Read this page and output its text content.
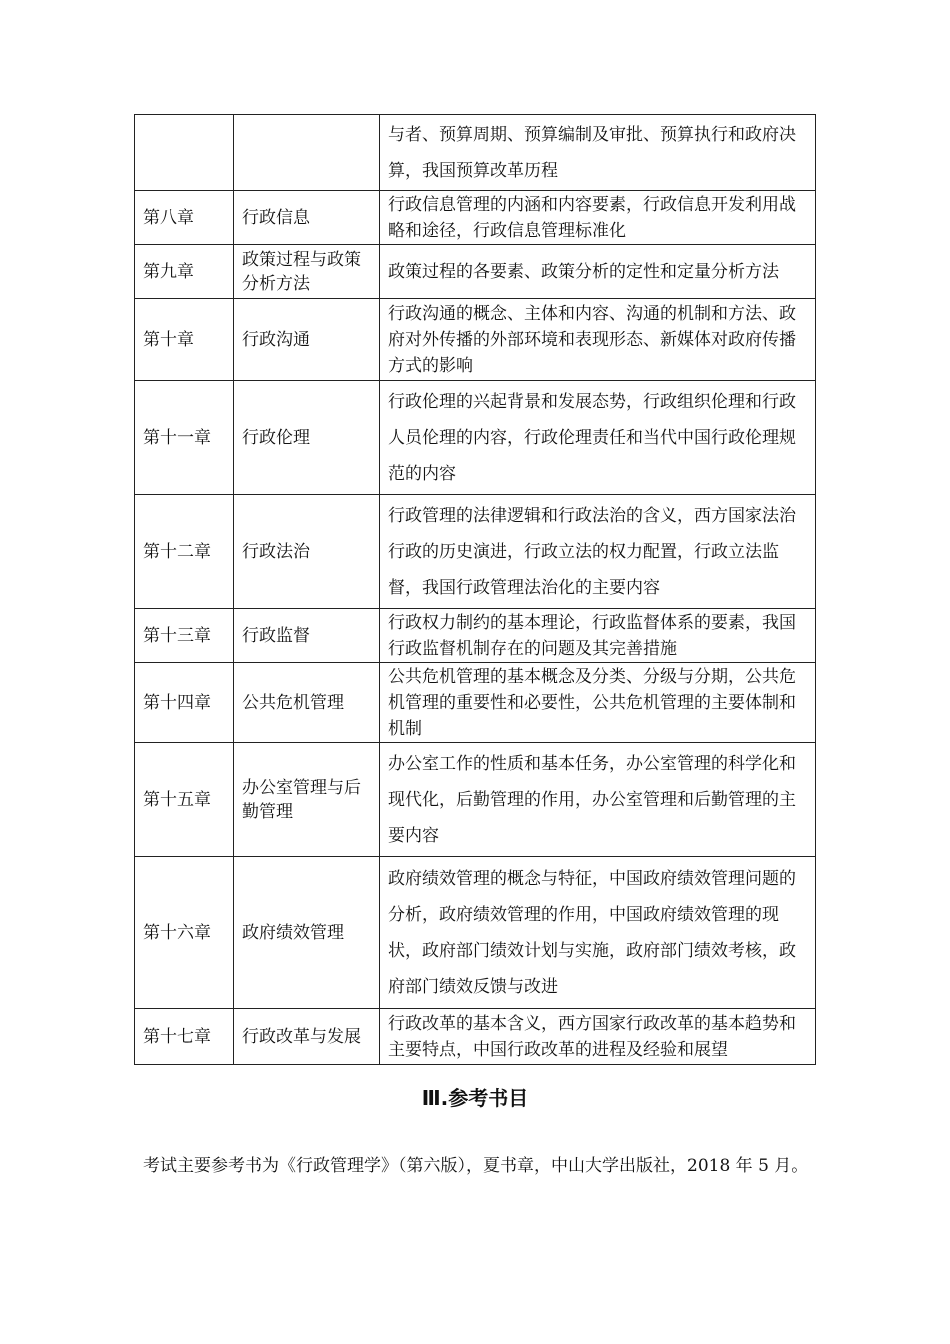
		与者、预算周期、预算编制及审批、预算执行和政府决算，我国预算改革历程
第八章	行政信息	行政信息管理的内涵和内容要素，行政信息开发利用战略和途径，行政信息管理标准化
第九章	政策过程与政策分析方法	政策过程的各要素、政策分析的定性和定量分析方法
第十章	行政沟通	行政沟通的概念、主体和内容、沟通的机制和方法、政府对外传播的外部环境和表现形态、新媒体对政府传播方式的影响
第十一章	行政伦理	行政伦理的兴起背景和发展态势，行政组织伦理和行政人员伦理的内容，行政伦理责任和当代中国行政伦理规范的内容
第十二章	行政法治	行政管理的法律逻辑和行政法治的含义，西方国家法治行政的历史演进，行政立法的权力配置，行政立法监督，我国行政管理法治化的主要内容
第十三章	行政监督	行政权力制约的基本理论，行政监督体系的要素，我国行政监督机制存在的问题及其完善措施
第十四章	公共危机管理	公共危机管理的基本概念及分类、分级与分期，公共危机管理的重要性和必要性，公共危机管理的主要体制和机制
第十五章	办公室管理与后勤管理	办公室工作的性质和基本任务，办公室管理的科学化和现代化，后勤管理的作用，办公室管理和后勤管理的主要内容
第十六章	政府绩效管理	政府绩效管理的概念与特征，中国政府绩效管理问题的分析，政府绩效管理的作用，中国政府绩效管理的现状，政府部门绩效计划与实施，政府部门绩效考核，政府部门绩效反馈与改进
第十七章	行政改革与发展	行政改革的基本含义，西方国家行政改革的基本趋势和主要特点，中国行政改革的进程及经验和展望
Ⅲ.参考书目

考试主要参考书为《行政管理学》（第六版），夏书章，中山大学出版社，2018 年 5 月。
